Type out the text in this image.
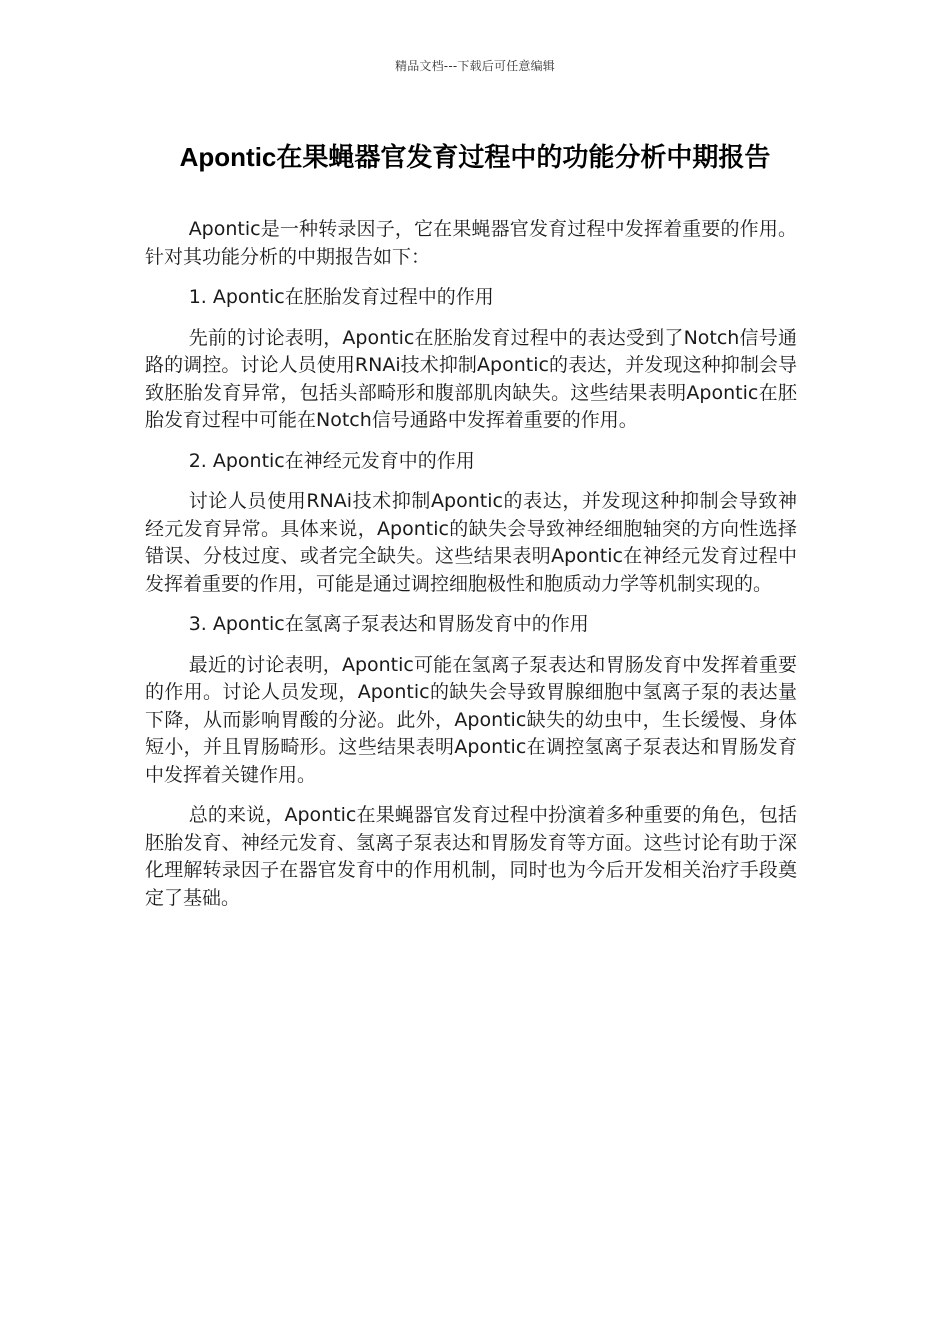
精品文档---下载后可任意编辑
Apontic在果蝇器官发育过程中的功能分析中期报告

Apontic是一种转录因子，它在果蝇器官发育过程中发挥着重要的作用。针对其功能分析的中期报告如下：

1. Apontic在胚胎发育过程中的作用

先前的讨论表明，Apontic在胚胎发育过程中的表达受到了Notch信号通路的调控。讨论人员使用RNAi技术抑制Apontic的表达，并发现这种抑制会导致胚胎发育异常，包括头部畸形和腹部肌肉缺失。这些结果表明Apontic在胚胎发育过程中可能在Notch信号通路中发挥着重要的作用。

2. Apontic在神经元发育中的作用

讨论人员使用RNAi技术抑制Apontic的表达，并发现这种抑制会导致神经元发育异常。具体来说，Apontic的缺失会导致神经细胞轴突的方向性选择错误、分枝过度、或者完全缺失。这些结果表明Apontic在神经元发育过程中发挥着重要的作用，可能是通过调控细胞极性和胞质动力学等机制实现的。

3. Apontic在氢离子泵表达和胃肠发育中的作用

最近的讨论表明，Apontic可能在氢离子泵表达和胃肠发育中发挥着重要的作用。讨论人员发现，Apontic的缺失会导致胃腺细胞中氢离子泵的表达量下降，从而影响胃酸的分泌。此外，Apontic缺失的幼虫中，生长缓慢、身体短小，并且胃肠畸形。这些结果表明Apontic在调控氢离子泵表达和胃肠发育中发挥着关键作用。

总的来说，Apontic在果蝇器官发育过程中扮演着多种重要的角色，包括胚胎发育、神经元发育、氢离子泵表达和胃肠发育等方面。这些讨论有助于深化理解转录因子在器官发育中的作用机制，同时也为今后开发相关治疗手段奠定了基础。
